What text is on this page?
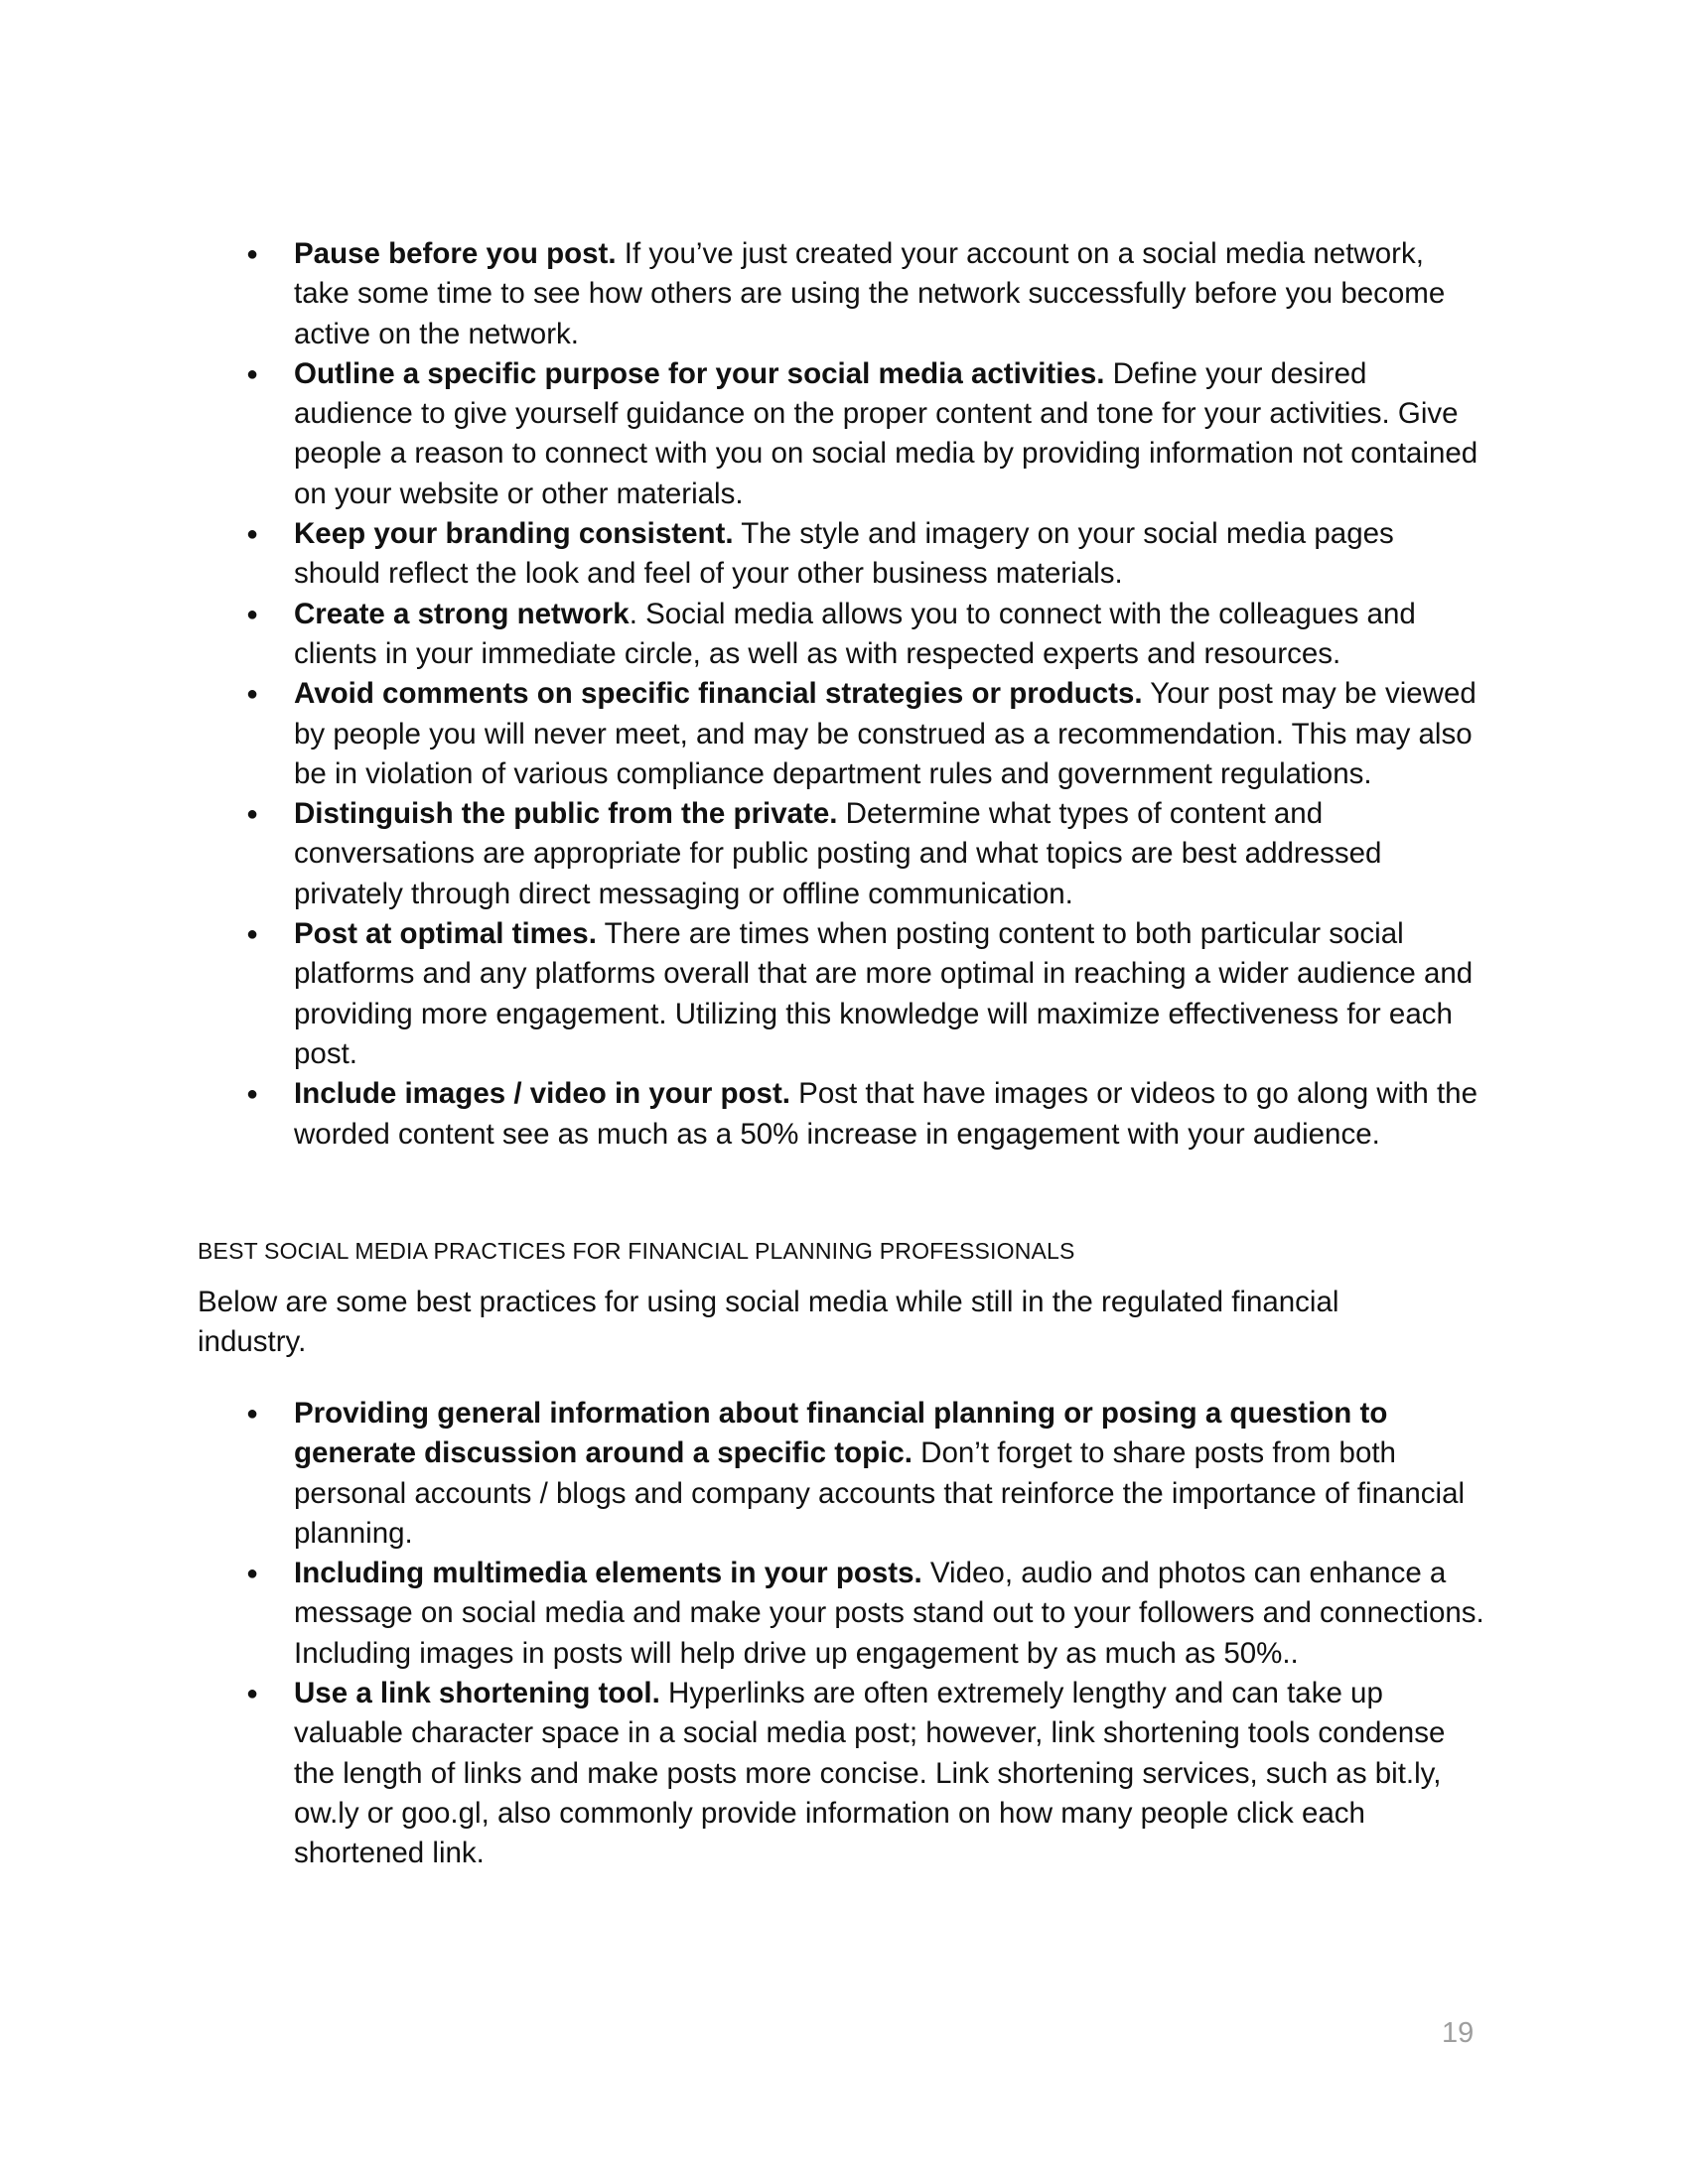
● Pause before you post. If you’ve just created your account on a social media network, take some time to see how others are using the network successfully before you become active on the network.
● Outline a specific purpose for your social media activities. Define your desired audience to give yourself guidance on the proper content and tone for your activities. Give people a reason to connect with you on social media by providing information not contained on your website or other materials.
● Keep your branding consistent. The style and imagery on your social media pages should reflect the look and feel of your other business materials.
● Create a strong network. Social media allows you to connect with the colleagues and clients in your immediate circle, as well as with respected experts and resources.
● Avoid comments on specific financial strategies or products. Your post may be viewed by people you will never meet, and may be construed as a recommendation. This may also be in violation of various compliance department rules and government regulations.
● Distinguish the public from the private. Determine what types of content and conversations are appropriate for public posting and what topics are best addressed privately through direct messaging or offline communication.
● Post at optimal times. There are times when posting content to both particular social platforms and any platforms overall that are more optimal in reaching a wider audience and providing more engagement. Utilizing this knowledge will maximize effectiveness for each post.
● Include images / video in your post. Post that have images or videos to go along with the worded content see as much as a 50% increase in engagement with your audience.
BEST SOCIAL MEDIA PRACTICES FOR FINANCIAL PLANNING PROFESSIONALS

Below are some best practices for using social media while still in the regulated financial industry.

● Providing general information about financial planning or posing a question to generate discussion around a specific topic. Don’t forget to share posts from both personal accounts / blogs and company accounts that reinforce the importance of financial planning.
● Including multimedia elements in your posts. Video, audio and photos can enhance a message on social media and make your posts stand out to your followers and connections. Including images in posts will help drive up engagement by as much as 50%..
● Use a link shortening tool. Hyperlinks are often extremely lengthy and can take up valuable character space in a social media post; however, link shortening tools condense the length of links and make posts more concise. Link shortening services, such as bit.ly, ow.ly or goo.gl, also commonly provide information on how many people click each shortened link.

19
